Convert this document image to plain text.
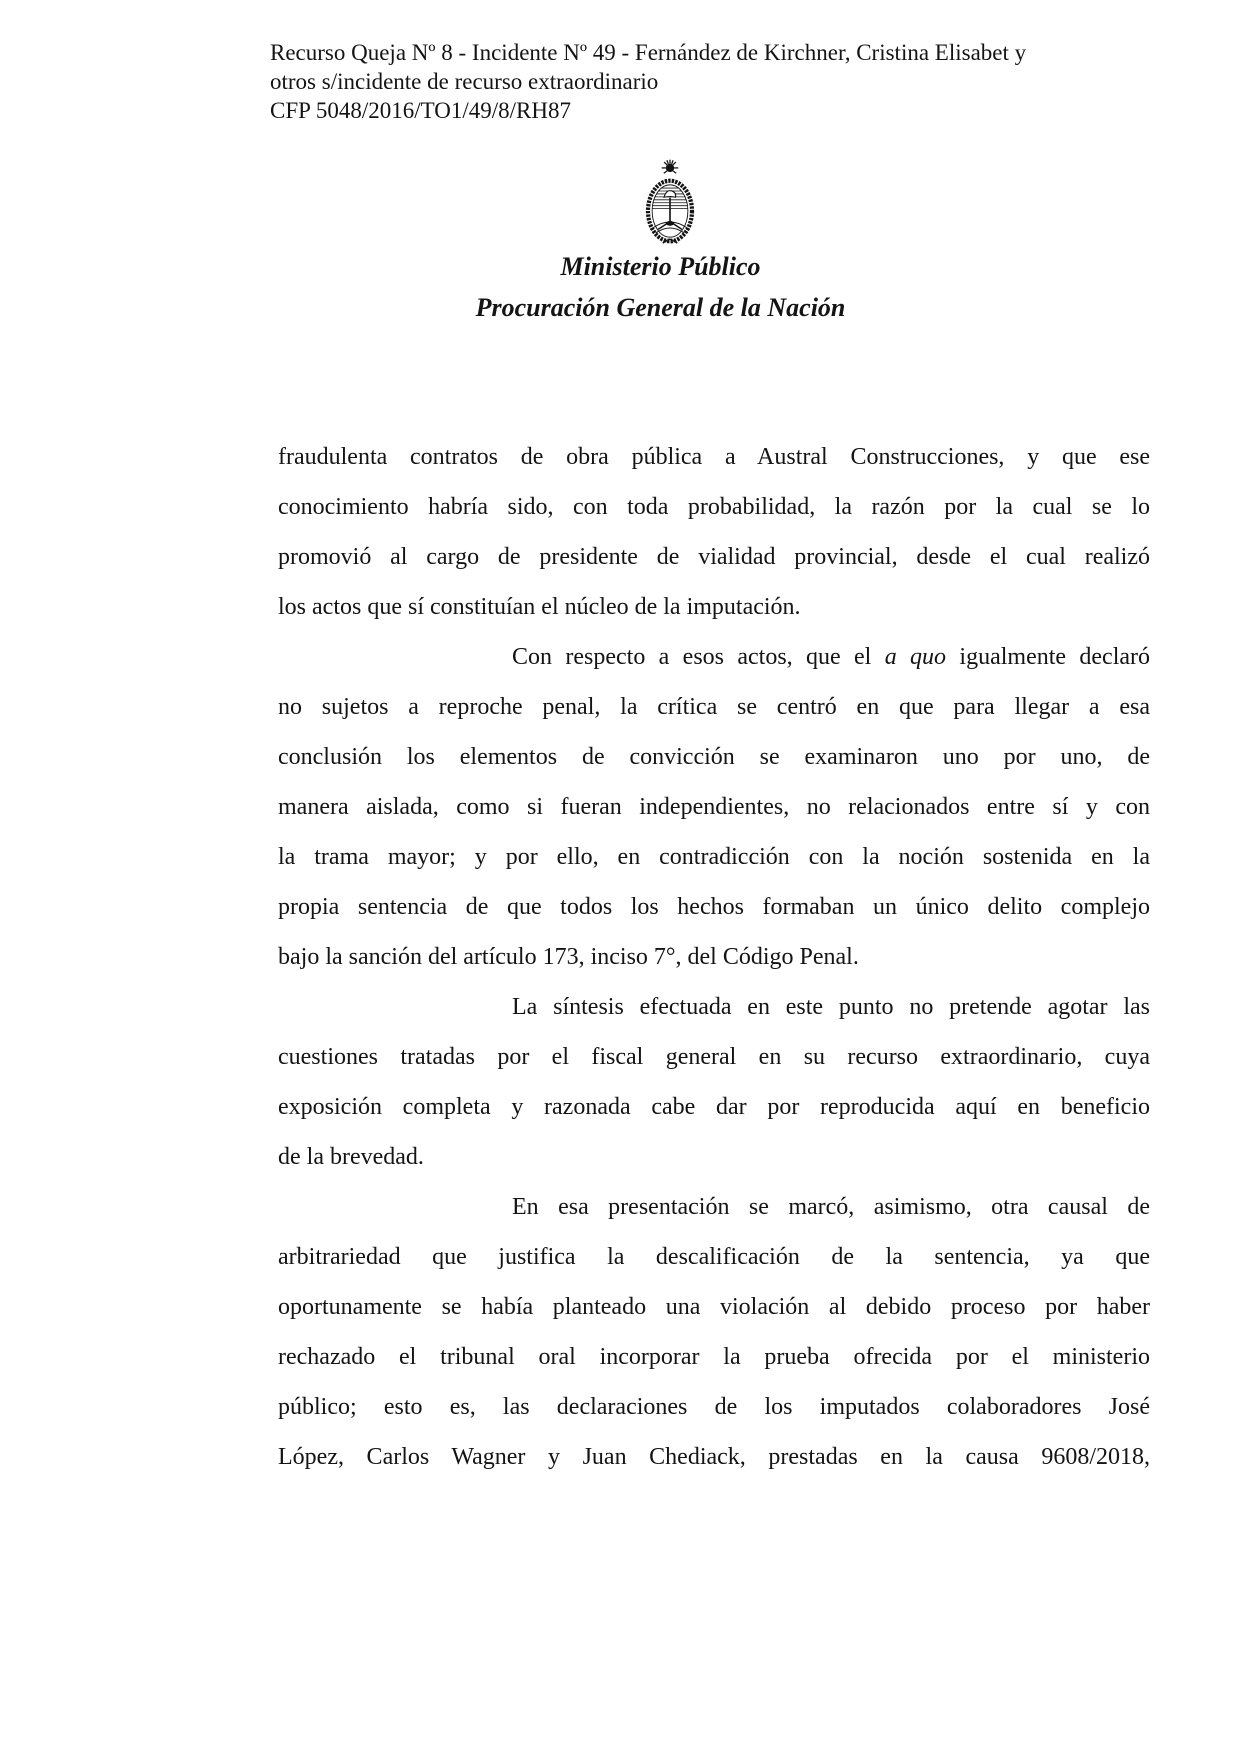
Recurso Queja Nº 8 - Incidente Nº 49 - Fernández de Kirchner, Cristina Elisabet y
otros s/incidente de recurso extraordinario
CFP 5048/2016/TO1/49/8/RH87
Ministerio Público
Procuración General de la Nación
fraudulenta contratos de obra pública a Austral Construcciones, y que ese
conocimiento habría sido, con toda probabilidad, la razón por la cual se lo
promovió al cargo de presidente de vialidad provincial, desde el cual realizó
los actos que sí constituían el núcleo de la imputación.
Con respecto a esos actos, que el a quo igualmente declaró
no sujetos a reproche penal, la crítica se centró en que para llegar a esa
conclusión los elementos de convicción se examinaron uno por uno, de
manera aislada, como si fueran independientes, no relacionados entre sí y con
la trama mayor; y por ello, en contradicción con la noción sostenida en la
propia sentencia de que todos los hechos formaban un único delito complejo
bajo la sanción del artículo 173, inciso 7°, del Código Penal.
La síntesis efectuada en este punto no pretende agotar las
cuestiones tratadas por el fiscal general en su recurso extraordinario, cuya
exposición completa y razonada cabe dar por reproducida aquí en beneficio
de la brevedad.
En esa presentación se marcó, asimismo, otra causal de
arbitrariedad que justifica la descalificación de la sentencia, ya que
oportunamente se había planteado una violación al debido proceso por haber
rechazado el tribunal oral incorporar la prueba ofrecida por el ministerio
público; esto es, las declaraciones de los imputados colaboradores José
López, Carlos Wagner y Juan Chediack, prestadas en la causa 9608/2018,
